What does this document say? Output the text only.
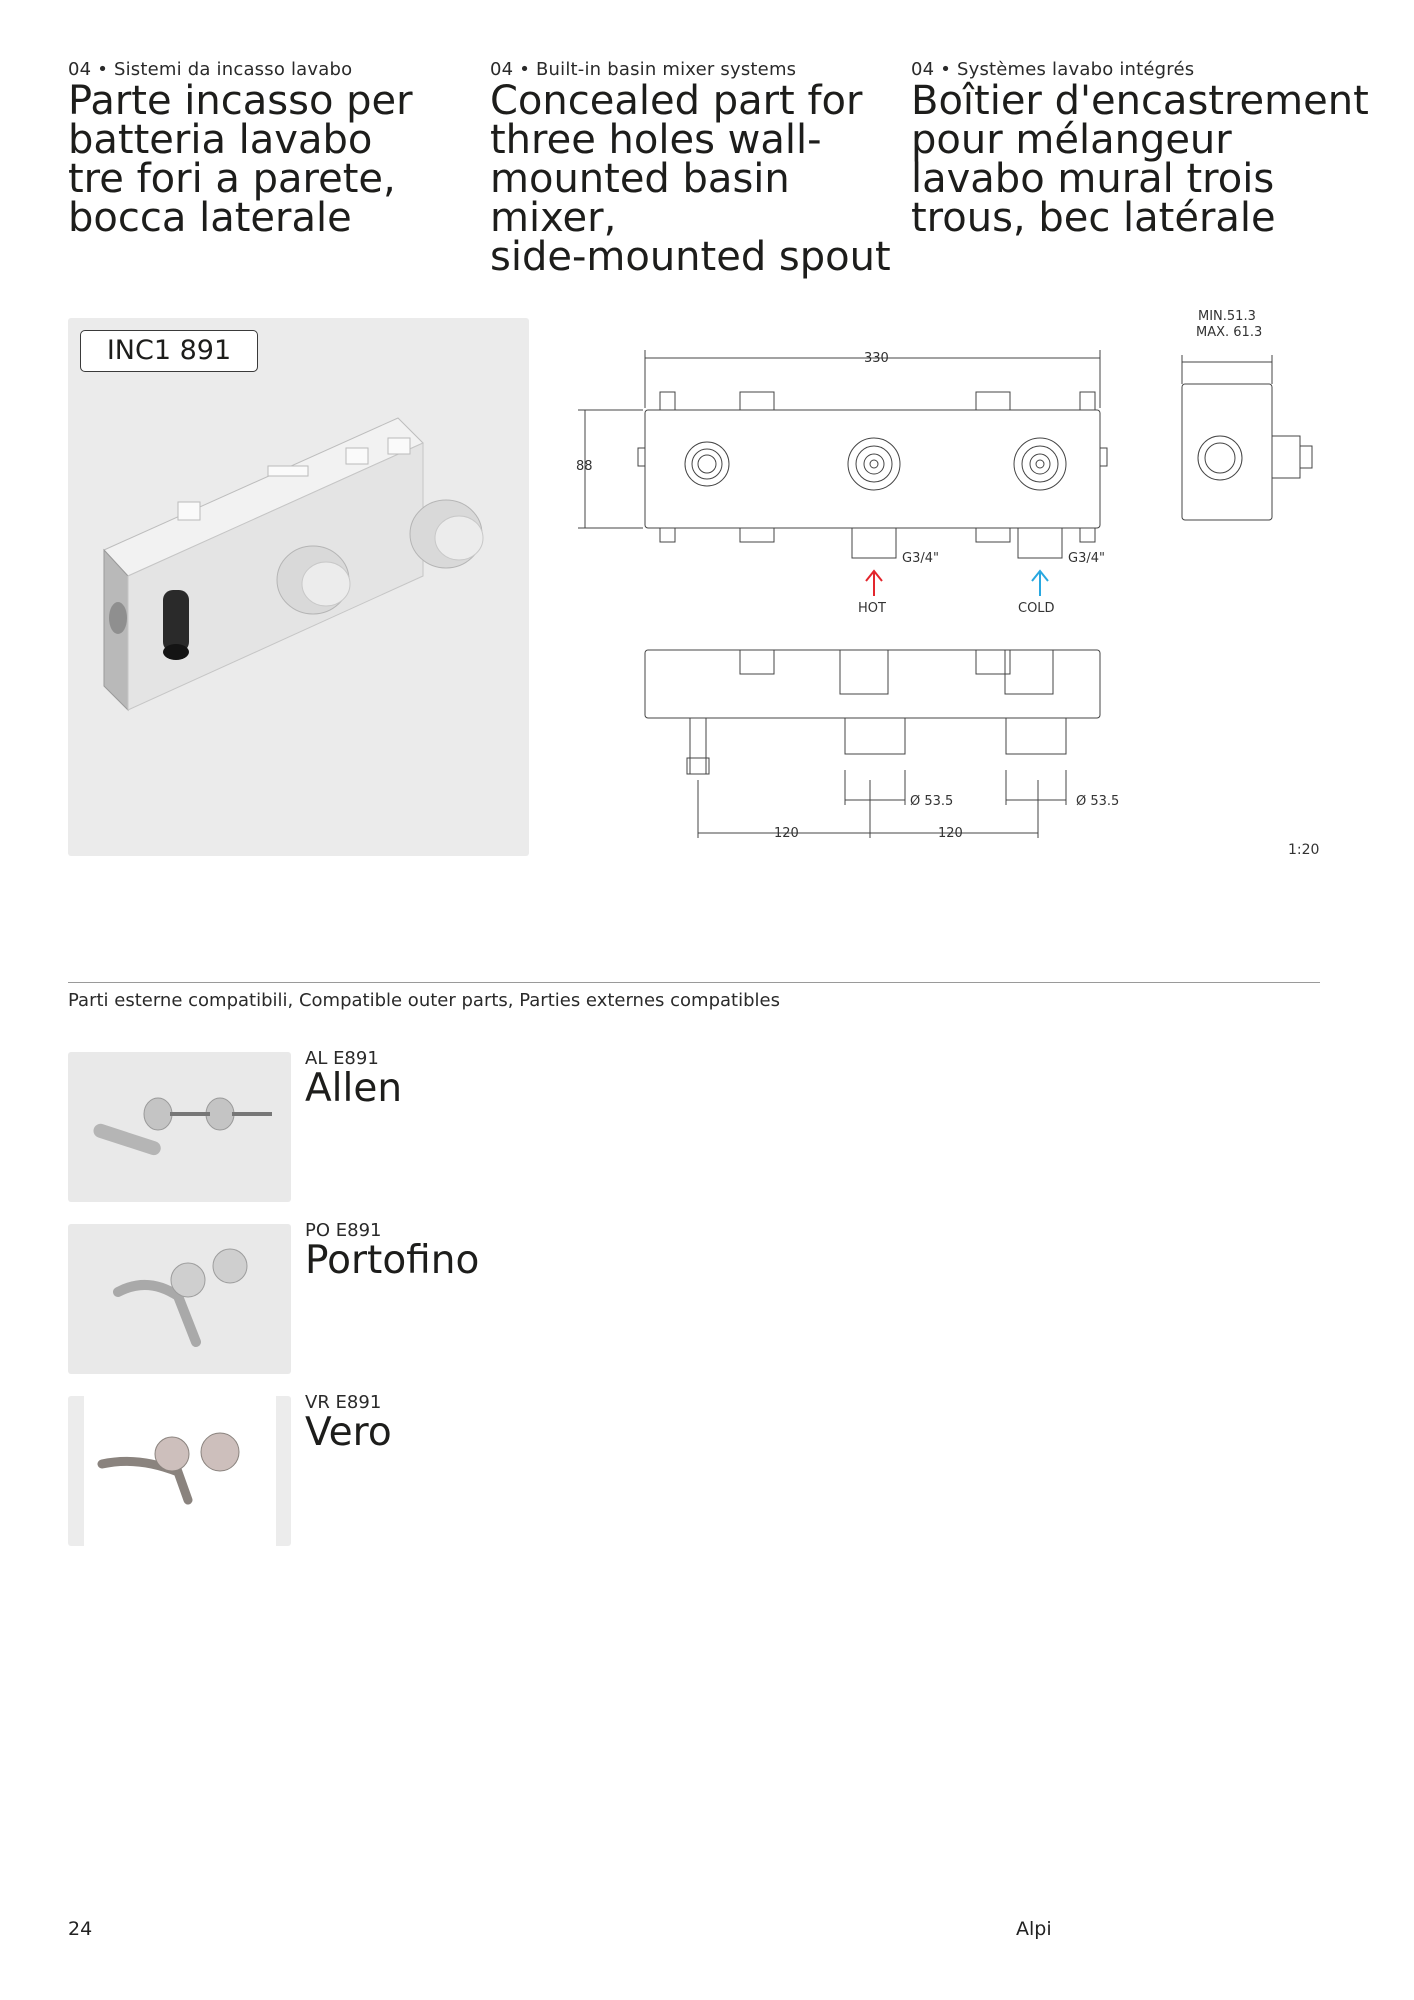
04 • Sistemi da incasso lavabo
Parte incasso per
batteria lavabo
tre fori a parete,
bocca laterale
04 • Built-in basin mixer systems
Concealed part for
three holes wall-
mounted basin mixer,
side-mounted spout
04 • Systèmes lavabo intégrés
Boîtier d'encastrement
pour mélangeur
lavabo mural trois
trous, bec latérale
INC1 891	330
88
MIN.51.3
MAX. 61.3
G3/4"	G3/4"
HOT	COLD
Ø 53.5	Ø 53.5
120	120
1:20
Parti esterne compatibili, Compatible outer parts, Parties externes compatibles
AL E891
Allen
PO E891
Portofino
VR E891
Vero
24	Alpi
